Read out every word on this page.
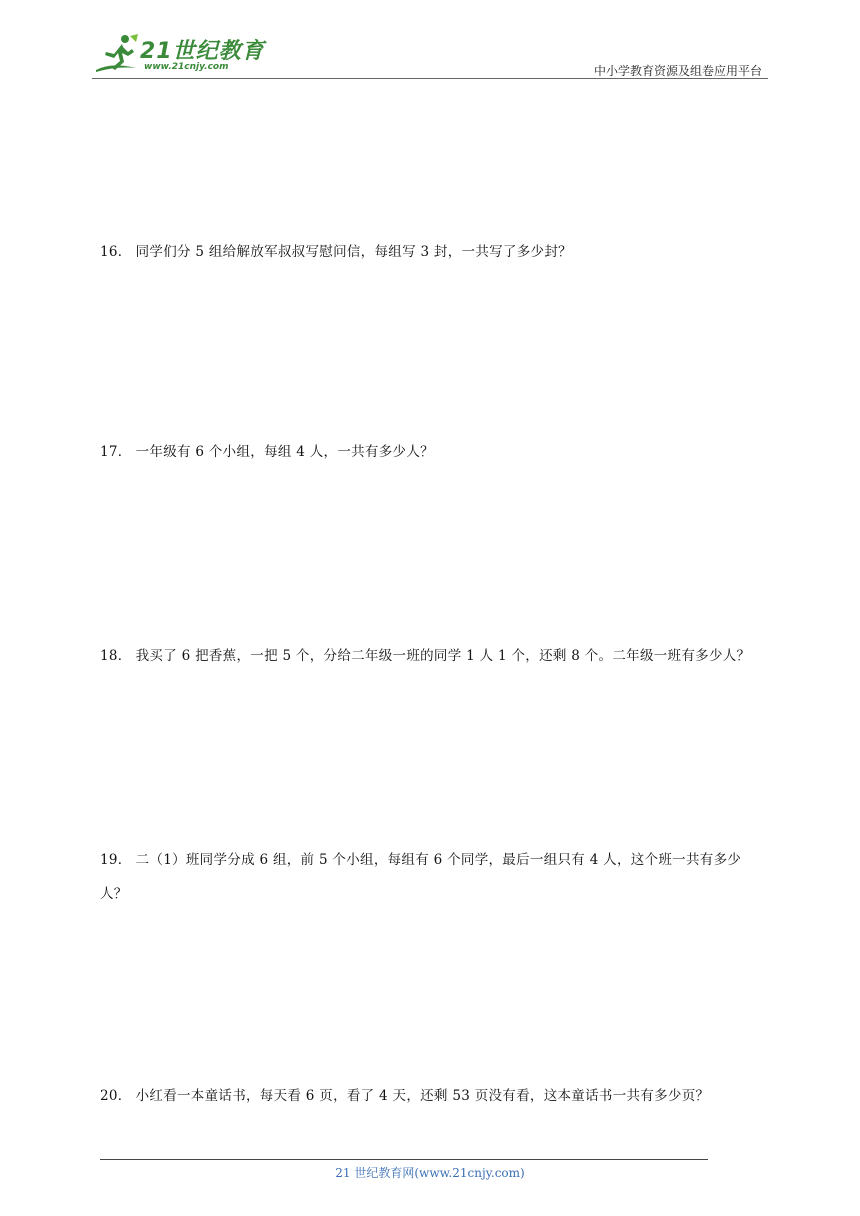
21世纪教育
www.21cnjy.com	中小学教育资源及组卷应用平台
16． 同学们分 5 组给解放军叔叔写慰问信，每组写 3 封，一共写了多少封？
17． 一年级有 6 个小组，每组 4 人，一共有多少人？
18． 我买了 6 把香蕉，一把 5 个，分给二年级一班的同学 1 人 1 个，还剩 8 个。二年级一班有多少人？
19． 二（1）班同学分成 6 组，前 5 个小组，每组有 6 个同学，最后一组只有 4 人，这个班一共有多少人？
20． 小红看一本童话书，每天看 6 页，看了 4 天，还剩 53 页没有看，这本童话书一共有多少页？
21 世纪教育网(www.21cnjy.com)
